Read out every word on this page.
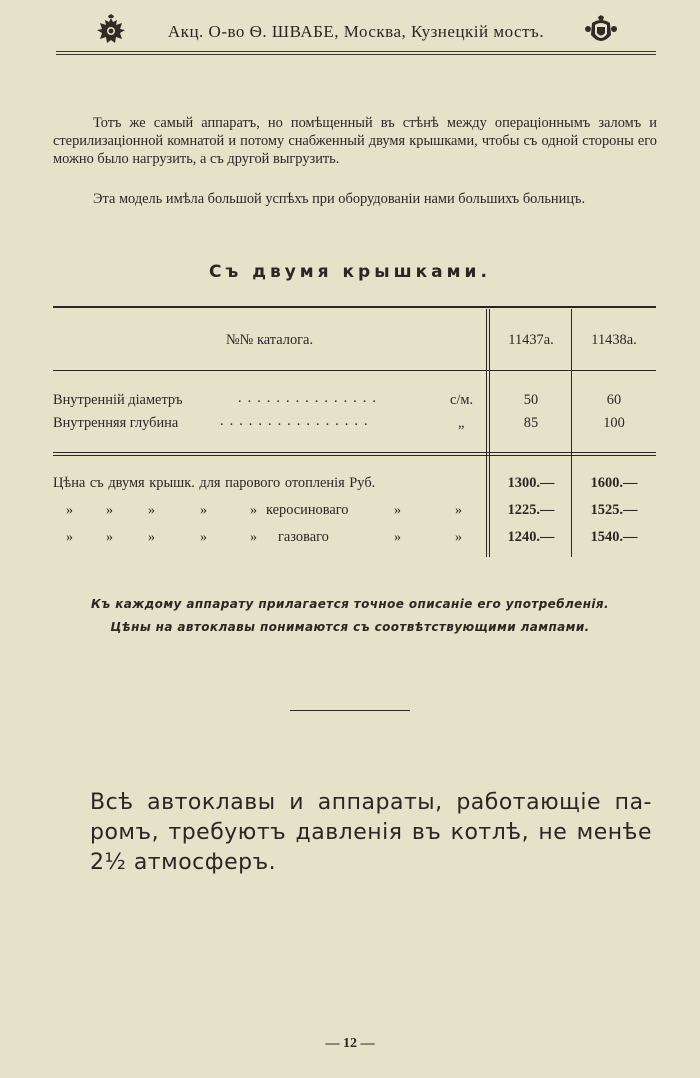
Акц. О-во Ѳ. ШВАБЕ, Москва, Кузнецкій мостъ.
Тотъ же самый аппаратъ, но помѣщенный въ стѣнѣ между операціоннымъ заломъ и стерилизаціонной комнатой и потому снабженный двумя крышками, чтобы съ одной стороны его можно было нагрузить, а съ другой выгрузить.
Эта модель имѣла большой успѣхъ при оборудованіи нами большихъ больницъ.
Съ двумя крышками.
№№ каталога.	11437a.	11438a.
Внутренній діаметръ	...............	с/м.	50	60
Внутренняя глубина	................	„	85	100
Цѣна съ двумя крышк. для парового отопленія Руб.	1300.—	1600.—
» »	»	»	» керосиноваго	»	»	1225.—	1525.—
» »	»	»	» газоваго	»	»	1240.—	1540.—
Къ каждому аппарату прилагается точное описаніе его употребленія.
Цѣны на автоклавы понимаются съ соотвѣтствующими лампами.
Всѣ автоклавы и аппараты, работающіе па-
ромъ, требуютъ давленія въ котлѣ, не менѣе
2½ атмосферъ.
— 12 —
